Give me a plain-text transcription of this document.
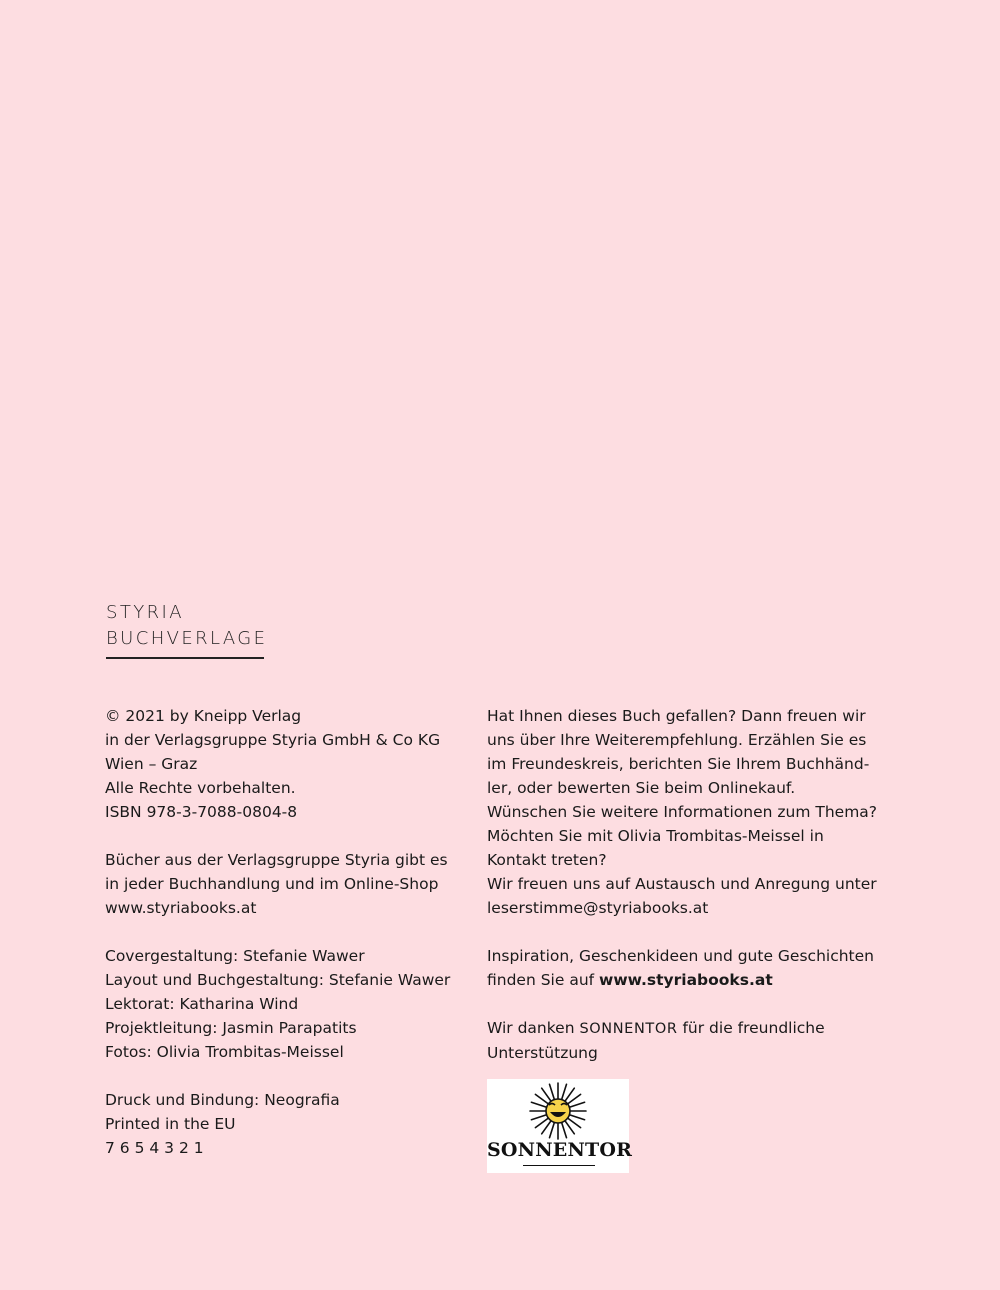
STYRIA
BUCHVERLAGE
© 2021 by Kneipp Verlag
in der Verlagsgruppe Styria GmbH & Co KG
Wien – Graz
Alle Rechte vorbehalten.
ISBN 978-3-7088-0804-8
Bücher aus der Verlagsgruppe Styria gibt es
in jeder Buchhandlung und im Online-Shop
www.styriabooks.at
Covergestaltung: Stefanie Wawer
Layout und Buchgestaltung: Stefanie Wawer
Lektorat: Katharina Wind
Projektleitung: Jasmin Parapatits
Fotos: Olivia Trombitas-Meissel
Druck und Bindung: Neografia
Printed in the EU
7 6 5 4 3 2 1
Hat Ihnen dieses Buch gefallen? Dann freuen wir
uns über Ihre Weiterempfehlung. Erzählen Sie es
im Freundeskreis, berichten Sie Ihrem Buchhänd-
ler, oder bewerten Sie beim Onlinekauf.
Wünschen Sie weitere Informationen zum Thema?
Möchten Sie mit Olivia Trombitas-Meissel in
Kontakt treten?
Wir freuen uns auf Austausch und Anregung unter
leserstimme@styriabooks.at
Inspiration, Geschenkideen und gute Geschichten
finden Sie auf www.styriabooks.at
Wir danken SONNENTOR für die freundliche
Unterstützung
SONNENTOR
